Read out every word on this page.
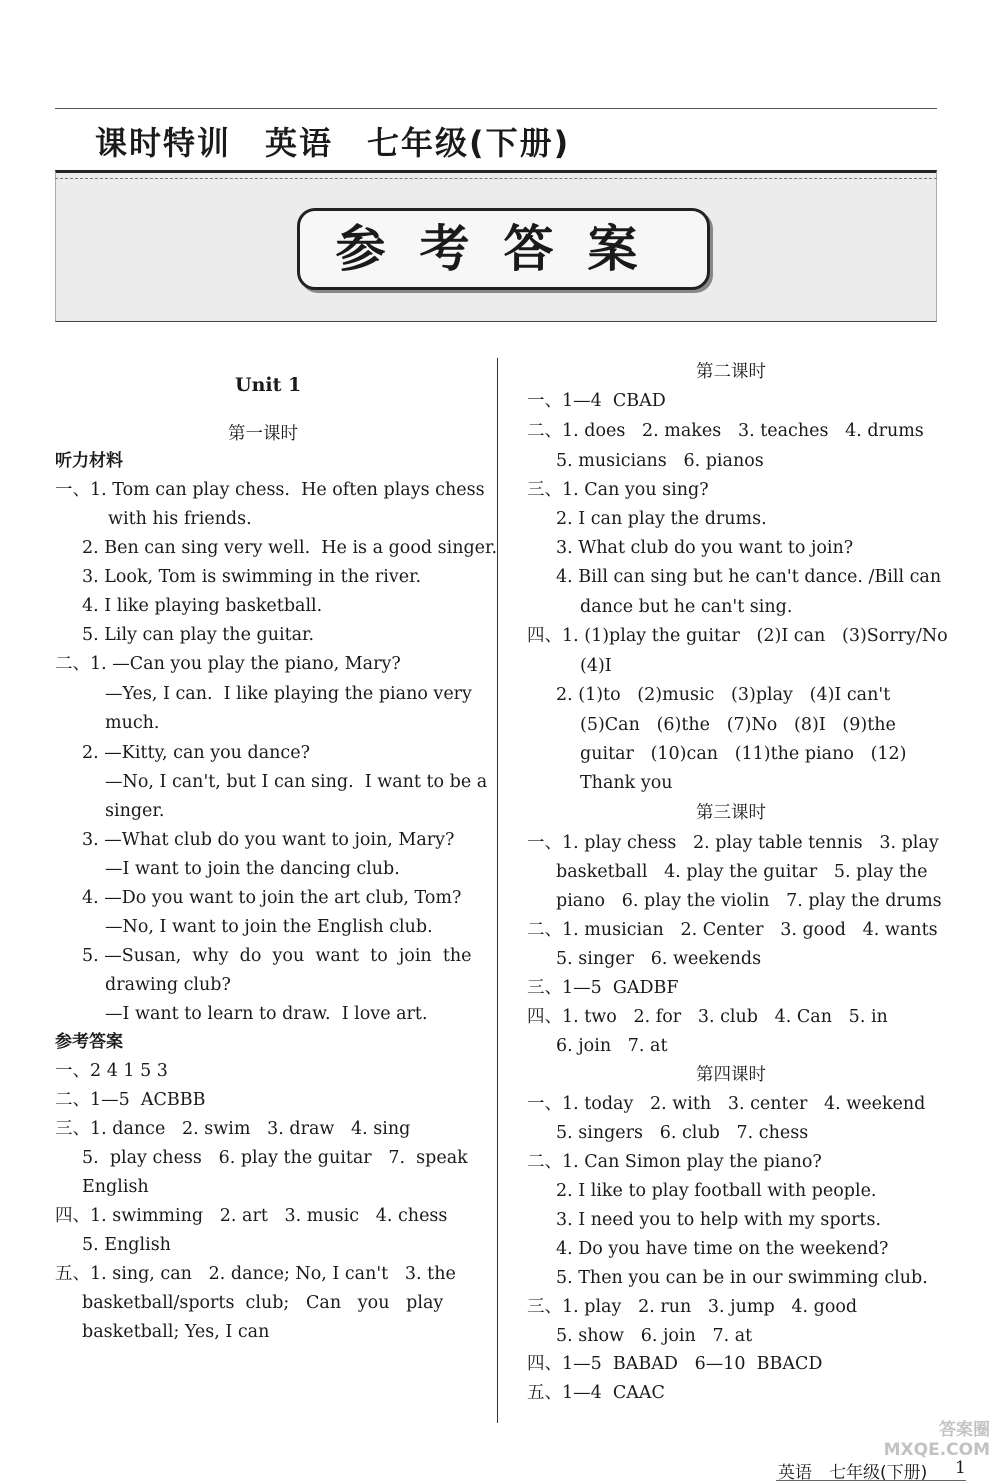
课时特训　英语　七年级(下册)
参考答案
Unit 1
第一课时
听力材料
一、1. Tom can play chess.  He often plays chess
with his friends.
2. Ben can sing very well.  He is a good singer.
3. Look, Tom is swimming in the river.
4. I like playing basketball.
5. Lily can play the guitar.
二、1. —Can you play the piano, Mary?
—Yes, I can.  I like playing the piano very
much.
2. —Kitty, can you dance?
—No, I can't, but I can sing.  I want to be a
singer.
3. —What club do you want to join, Mary?
—I want to join the dancing club.
4. —Do you want to join the art club, Tom?
—No, I want to join the English club.
5. —Susan,  why  do  you  want  to  join  the
drawing club?
—I want to learn to draw.  I love art.
参考答案
一、2 4 1 5 3
二、1—5  ACBBB
三、1. dance   2. swim   3. draw   4. sing
5.  play chess   6. play the guitar   7.  speak
English
四、1. swimming   2. art   3. music   4. chess
5. English
五、1. sing, can   2. dance; No, I can't   3. the
basketball/sports  club;   Can   you   play
basketball; Yes, I can
第二课时
一、1—4  CBAD
二、1. does   2. makes   3. teaches   4. drums
5. musicians   6. pianos
三、1. Can you sing?
2. I can play the drums.
3. What club do you want to join?
4. Bill can sing but he can't dance. /Bill can
dance but he can't sing.
四、1. (1)play the guitar   (2)I can   (3)Sorry/No
(4)I
2. (1)to   (2)music   (3)play   (4)I can't
(5)Can   (6)the   (7)No   (8)I   (9)the
guitar   (10)can   (11)the piano   (12)
Thank you
第三课时
一、1. play chess   2. play table tennis   3. play
basketball   4. play the guitar   5. play the
piano   6. play the violin   7. play the drums
二、1. musician   2. Center   3. good   4. wants
5. singer   6. weekends
三、1—5  GADBF
四、1. two   2. for   3. club   4. Can   5. in
6. join   7. at
第四课时
一、1. today   2. with   3. center   4. weekend
5. singers   6. club   7. chess
二、1. Can Simon play the piano?
2. I like to play football with people.
3. I need you to help with my sports.
4. Do you have time on the weekend?
5. Then you can be in our swimming club.
三、1. play   2. run   3. jump   4. good
5. show   6. join   7. at
四、1—5  BABAD   6—10  BBACD
五、1—4  CAAC
英语　七年级(下册) 1
答案圈 MXQE.COM
